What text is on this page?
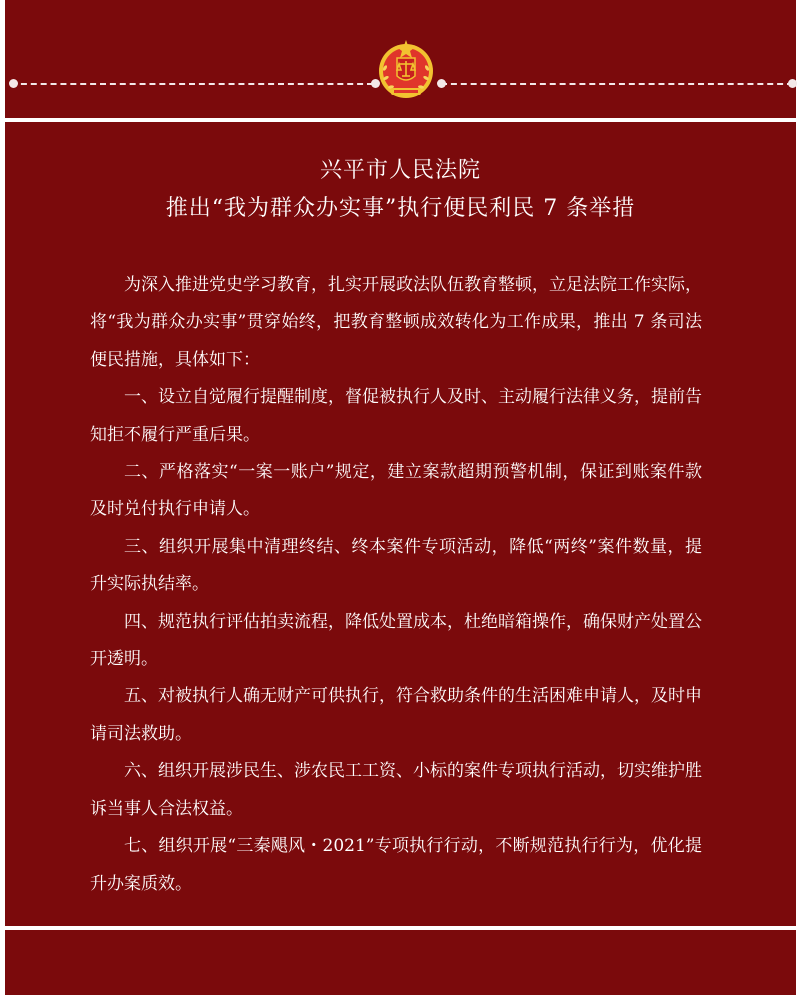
兴平市人民法院
推出“我为群众办实事”执行便民利民 7 条举措

为深入推进党史学习教育，扎实开展政法队伍教育整顿，立足法院工作实际，将“我为群众办实事”贯穿始终，把教育整顿成效转化为工作成果，推出 7 条司法便民措施，具体如下：

一、设立自觉履行提醒制度，督促被执行人及时、主动履行法律义务，提前告知拒不履行严重后果。

二、严格落实“一案一账户”规定，建立案款超期预警机制，保证到账案件款及时兑付执行申请人。

三、组织开展集中清理终结、终本案件专项活动，降低“两终”案件数量，提升实际执结率。

四、规范执行评估拍卖流程，降低处置成本，杜绝暗箱操作，确保财产处置公开透明。

五、对被执行人确无财产可供执行，符合救助条件的生活困难申请人，及时申请司法救助。

六、组织开展涉民生、涉农民工工资、小标的案件专项执行活动，切实维护胜诉当事人合法权益。

七、组织开展“三秦飓风・2021”专项执行行动，不断规范执行行为，优化提升办案质效。
